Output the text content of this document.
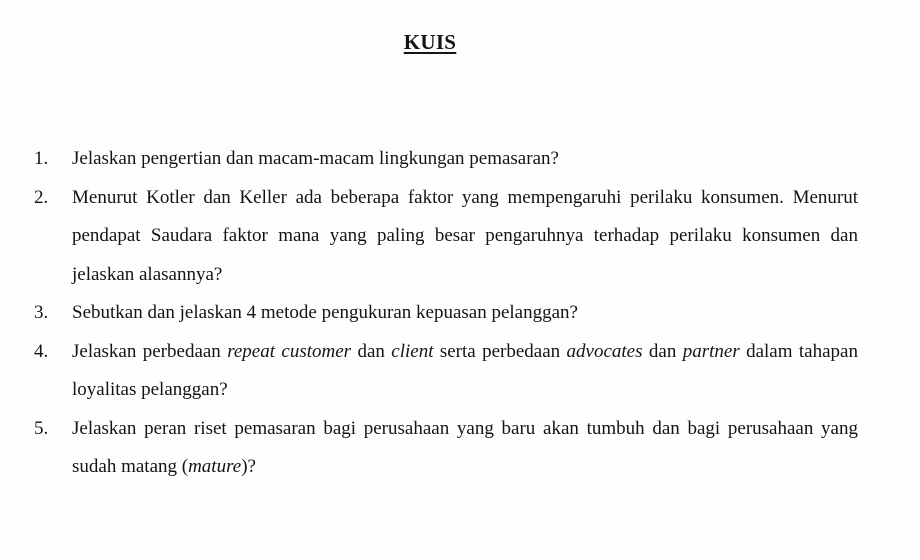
KUIS
1.	Jelaskan pengertian dan macam-macam lingkungan pemasaran?
2.	Menurut Kotler dan Keller ada beberapa faktor yang mempengaruhi perilaku konsumen. Menurut pendapat Saudara faktor mana yang paling besar pengaruhnya terhadap perilaku konsumen dan jelaskan alasannya?
3.	Sebutkan dan jelaskan 4 metode pengukuran kepuasan pelanggan?
4.	Jelaskan perbedaan repeat customer dan client serta perbedaan advocates dan partner dalam tahapan loyalitas pelanggan?
5.	Jelaskan peran riset pemasaran bagi perusahaan yang baru akan tumbuh dan bagi perusahaan yang sudah matang (mature)?
